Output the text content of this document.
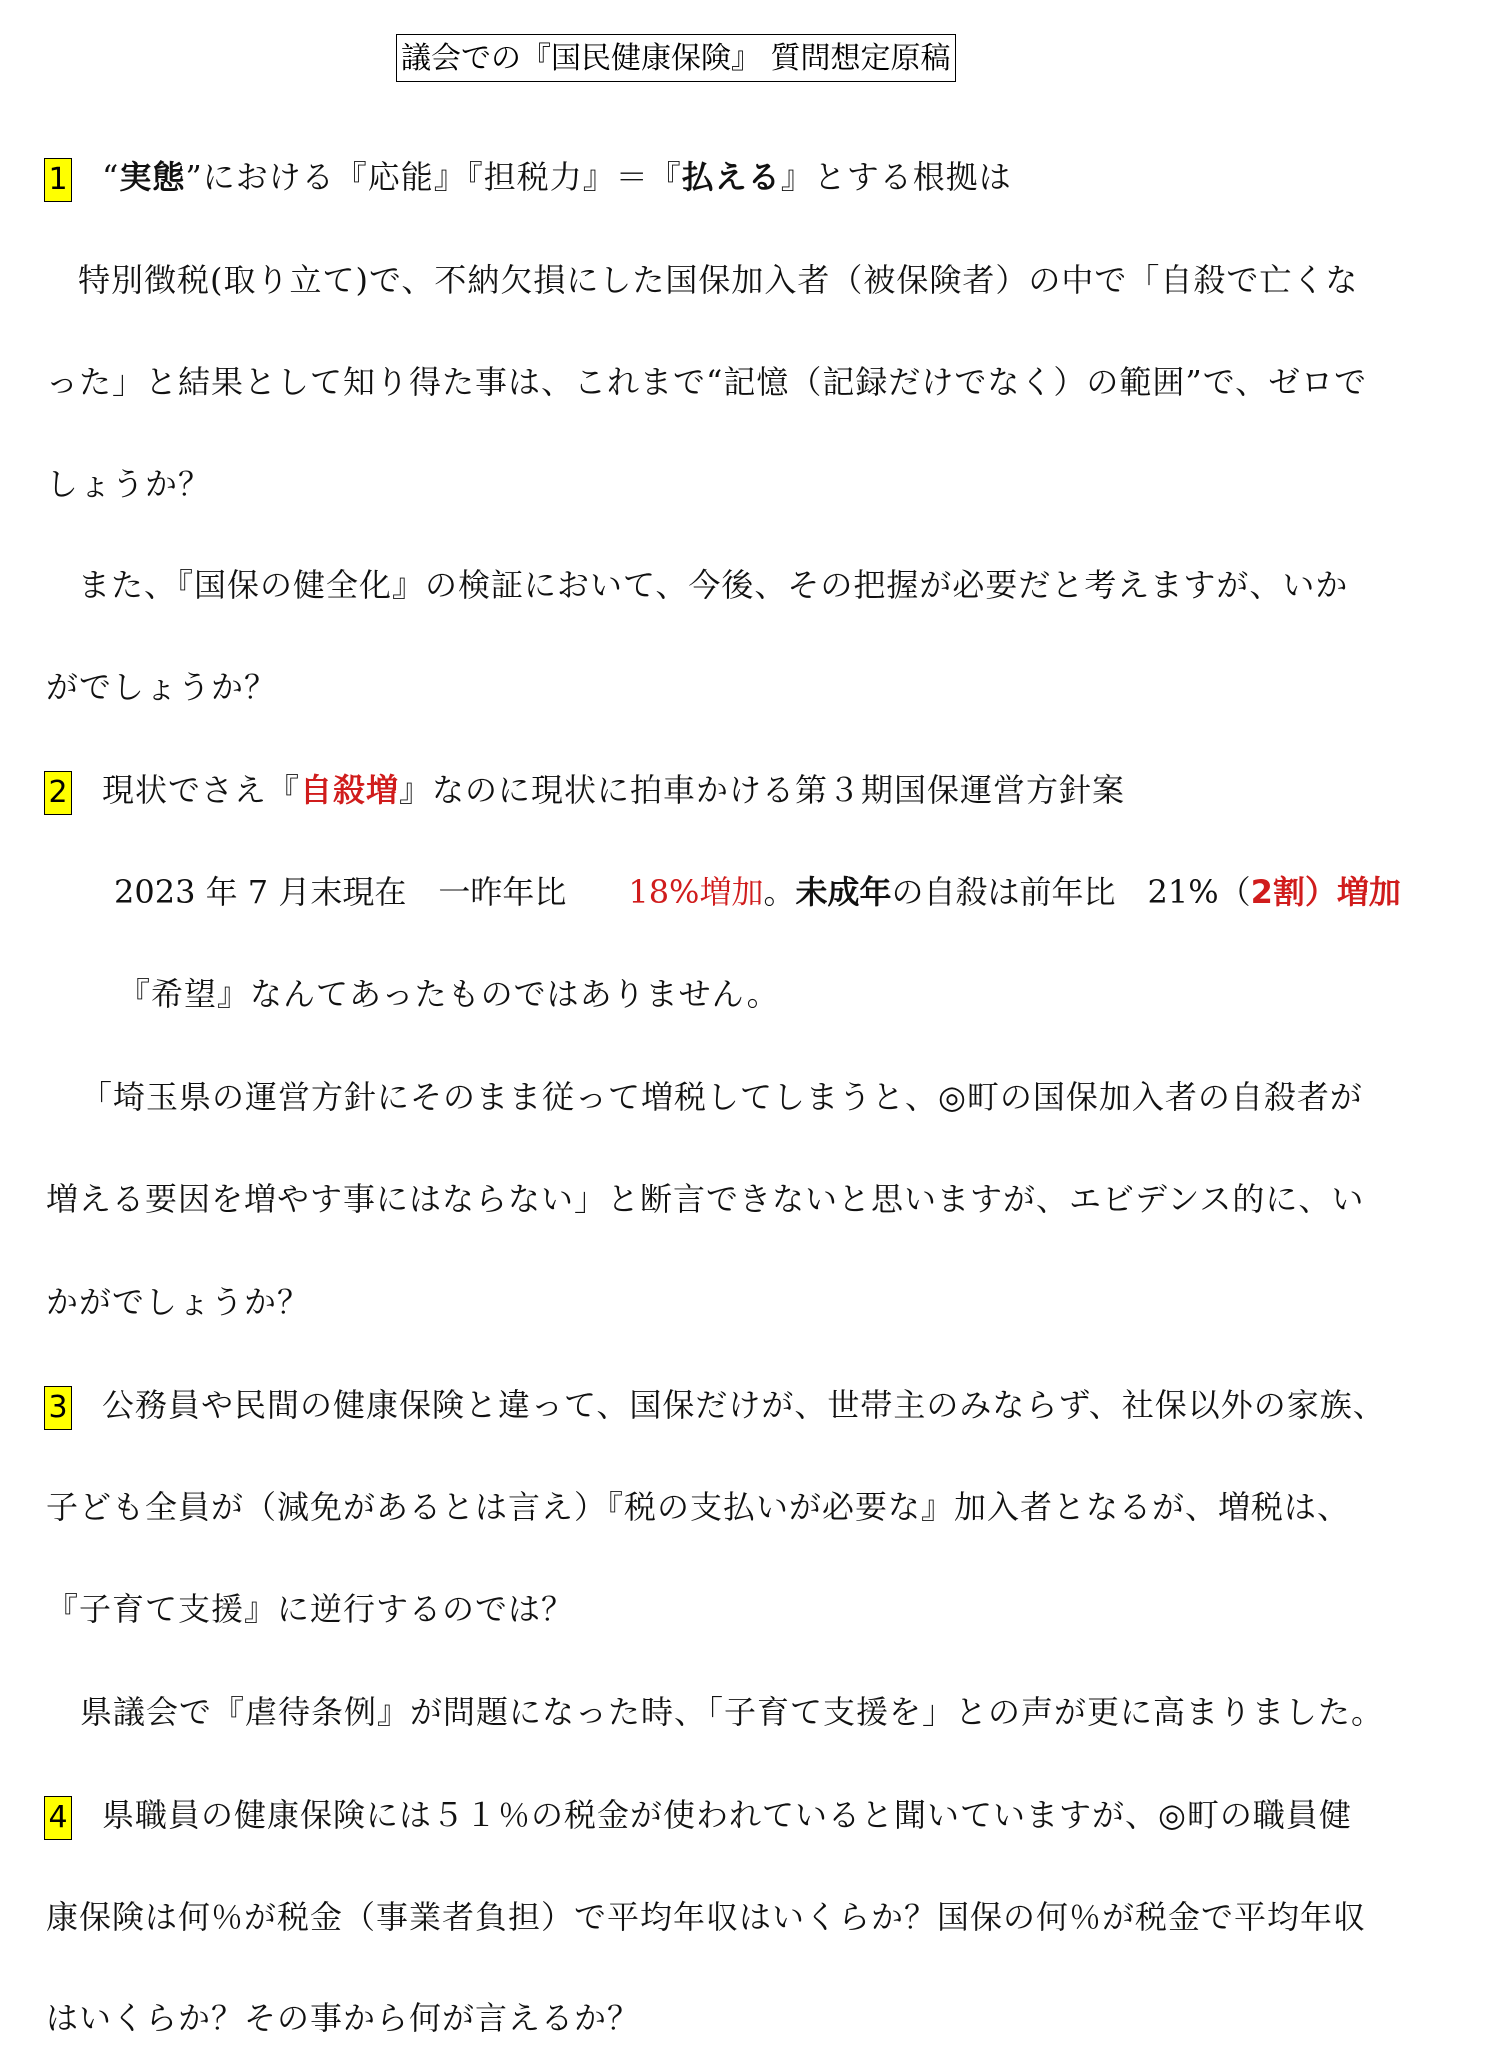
議会での『国民健康保険』 質問想定原稿
1 “実態”における『応能』『担税力』＝『払える』とする根拠は
特別徴税(取り立て)で、不納欠損にした国保加入者（被保険者）の中で「自殺で亡くな
った」と結果として知り得た事は、これまで“記憶（記録だけでなく）の範囲”で、ゼロで
しょうか？
また、『国保の健全化』の検証において、今後、その把握が必要だと考えますが、いか
がでしょうか？
2 現状でさえ『自殺増』なのに現状に拍車かける第３期国保運営方針案
2023 年 7 月末現在　一昨年比　18%増加。未成年の自殺は前年比　21%（2割）増加
『希望』なんてあったものではありません。
「埼玉県の運営方針にそのまま従って増税してしまうと、◎町の国保加入者の自殺者が
増える要因を増やす事にはならない」と断言できないと思いますが、エビデンス的に、い
かがでしょうか？
3 公務員や民間の健康保険と違って、国保だけが、世帯主のみならず、社保以外の家族、
子ども全員が（減免があるとは言え）『税の支払いが必要な』加入者となるが、増税は、
『子育て支援』に逆行するのでは？
県議会で『虐待条例』が問題になった時、「子育て支援を」との声が更に高まりました。
4 県職員の健康保険には５１％の税金が使われていると聞いていますが、◎町の職員健
康保険は何％が税金（事業者負担）で平均年収はいくらか？国保の何％が税金で平均年収
はいくらか？その事から何が言えるか？
